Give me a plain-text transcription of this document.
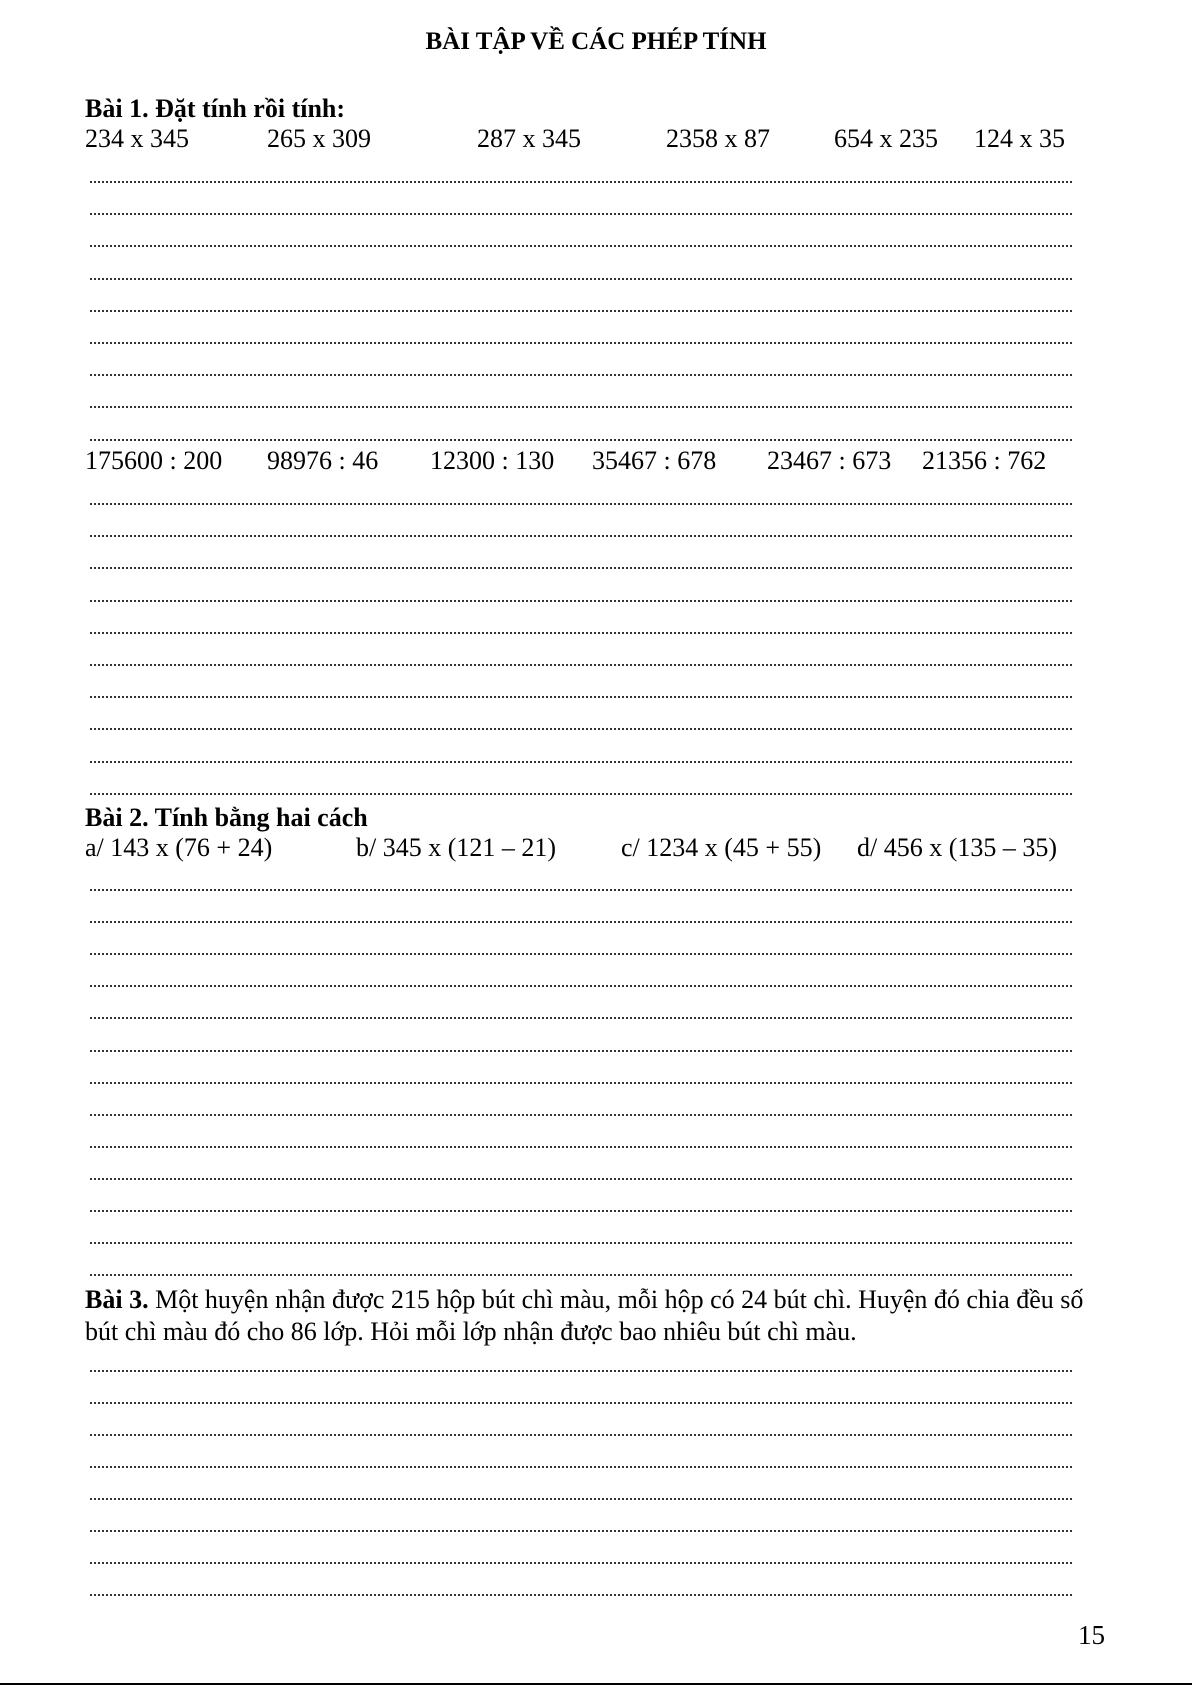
BÀI TẬP VỀ CÁC PHÉP TÍNH
Bài 1. Đặt tính rồi tính:
234 x 345	265 x 309	287 x 345	2358 x 87 654 x 235 124 x 35
175600 : 200 98976 : 46 12300 : 130 35467 : 678 23467 : 673 21356 : 762
Bài 2. Tính bằng hai cách
a/ 143 x (76 + 24)	b/ 345 x (121 – 21) c/ 1234 x (45 + 55) d/ 456 x (135 – 35)
Bài 3. Một huyện nhận được 215 hộp bút chì màu, mỗi hộp có 24 bút chì. Huyện đó chia đều số bút chì màu đó cho 86 lớp. Hỏi mỗi lớp nhận được bao nhiêu bút chì màu.
15
